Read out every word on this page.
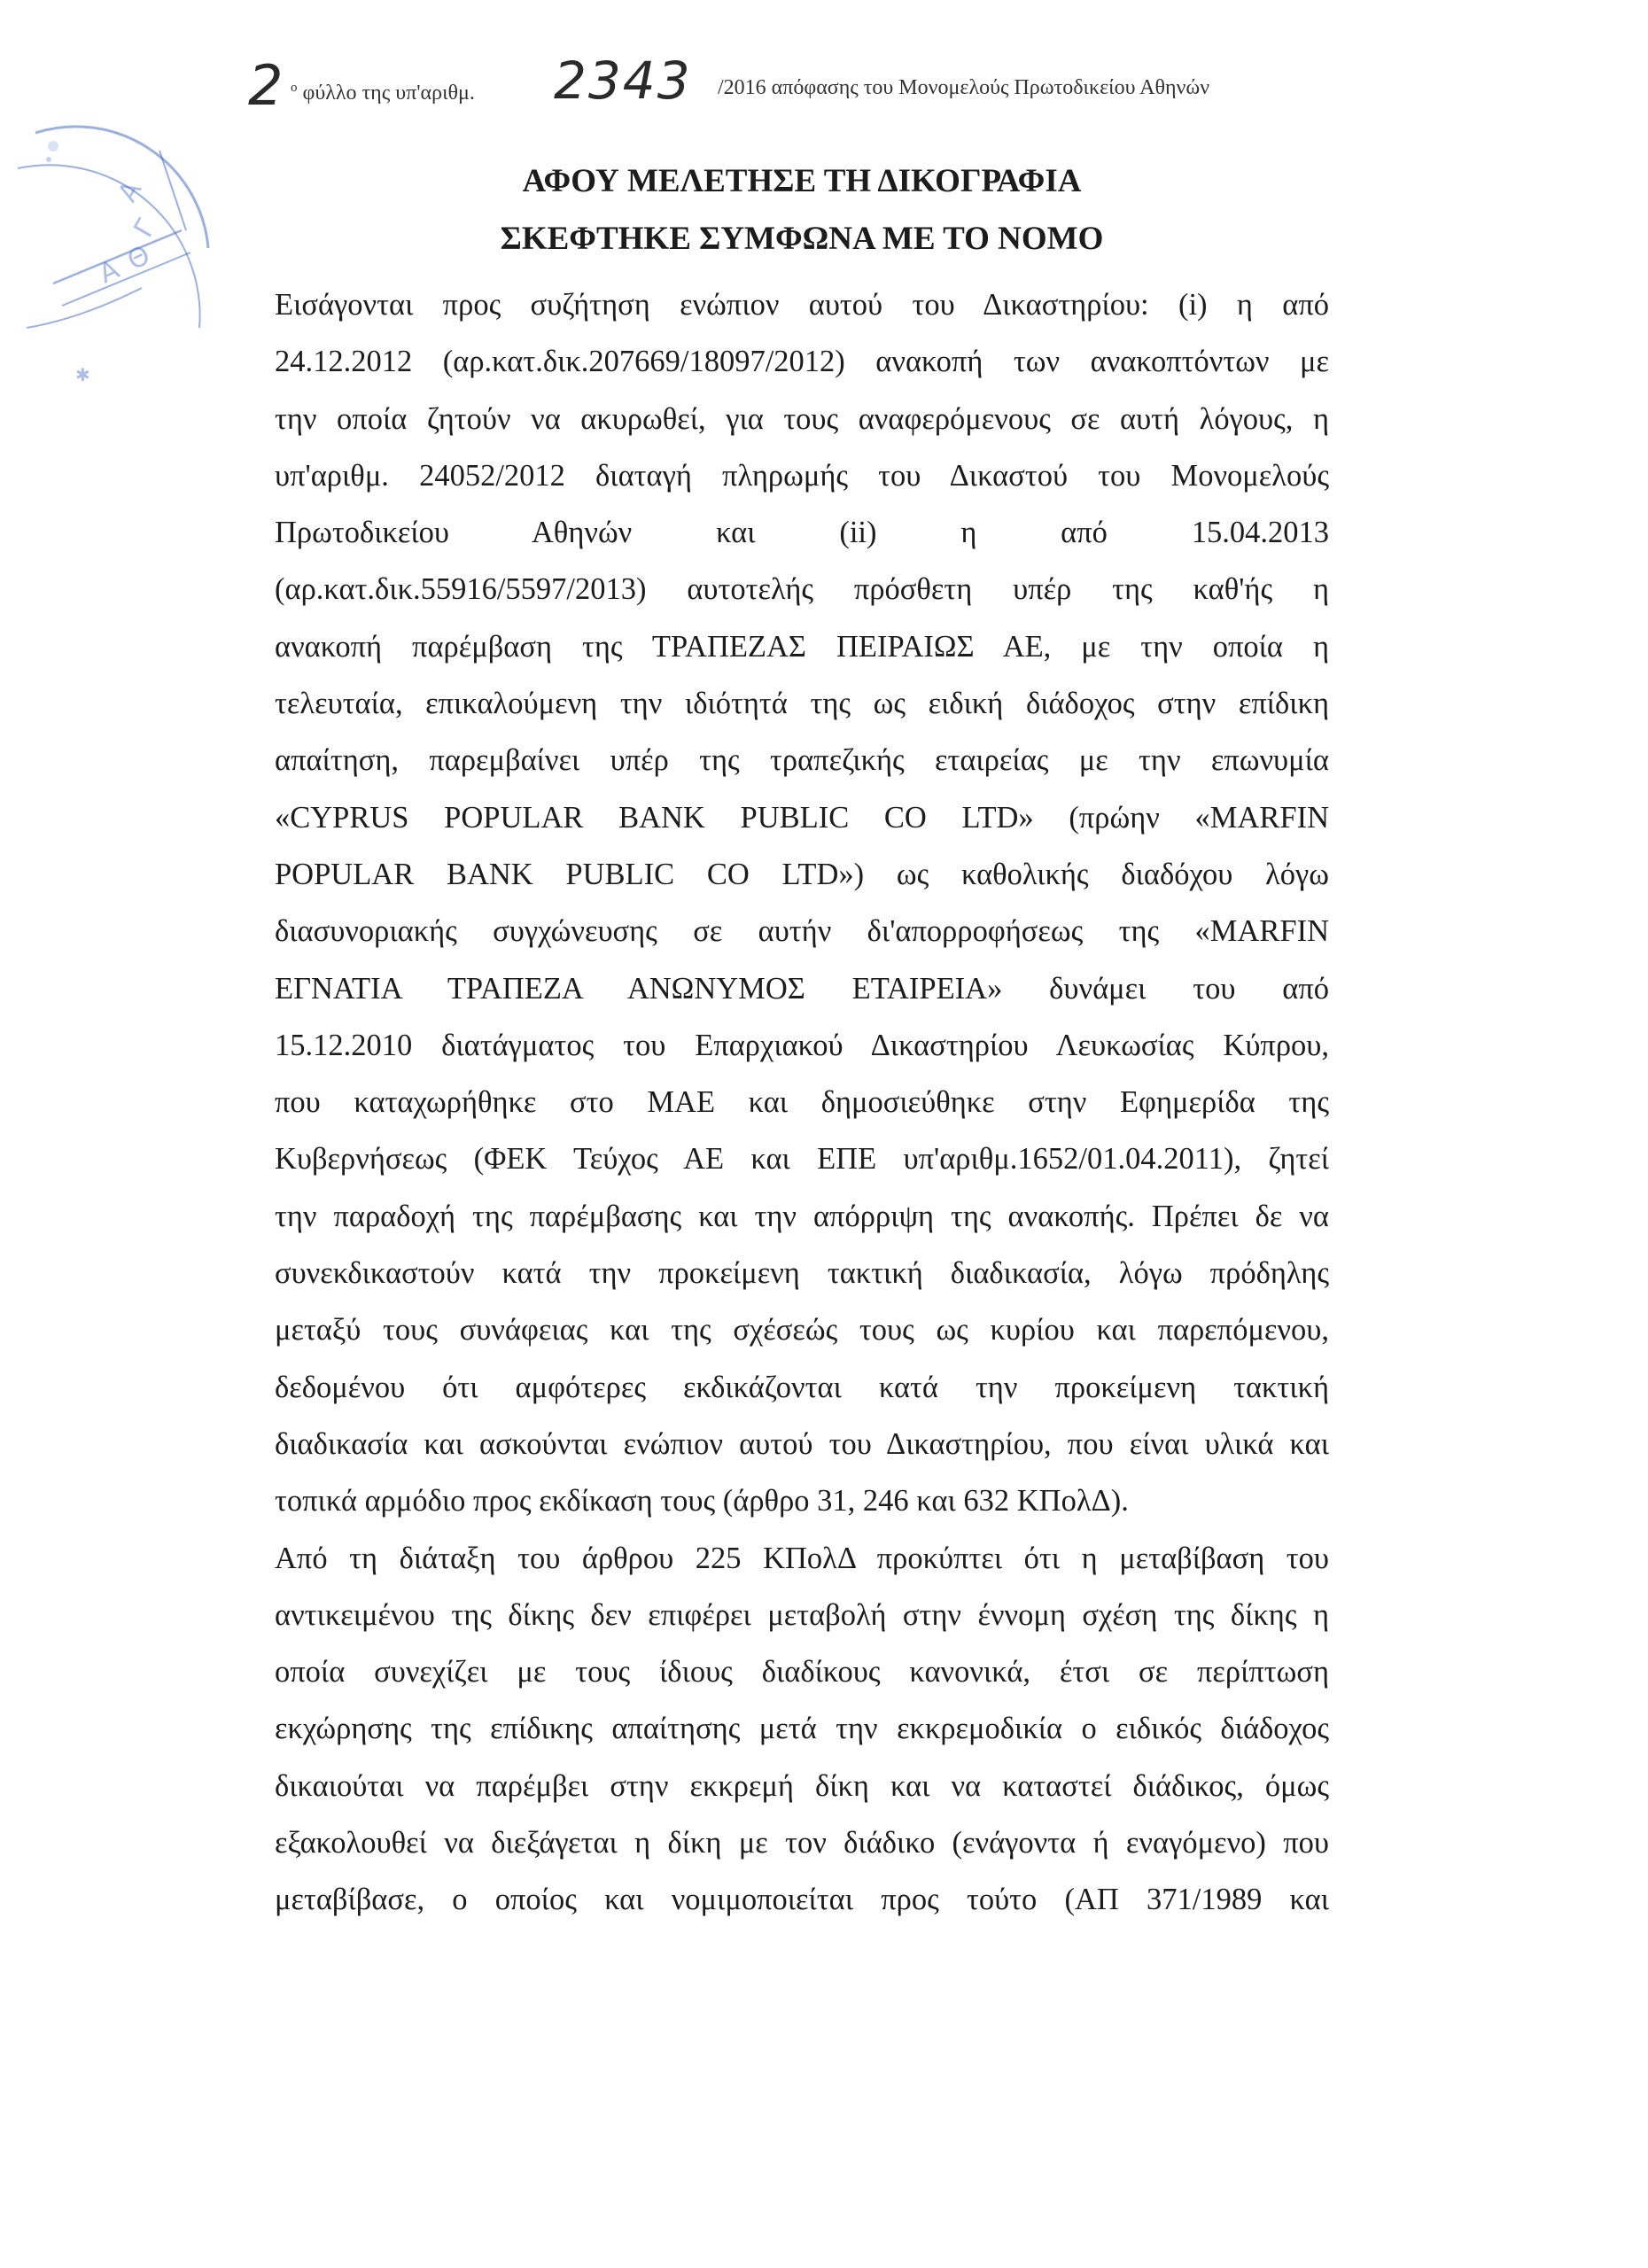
Α
Γ
Α
Θ
✱
2 $^o$ φύλλο της υπ'αριθμ. 2343 /2016 απόφασης του Μονομελούς Πρωτοδικείου Αθηνών
ΑΦΟΥ ΜΕΛΕΤΗΣΕ ΤΗ ΔΙΚΟΓΡΑΦΙΑ
ΣΚΕΦΤΗΚΕ ΣΥΜΦΩΝΑ ΜΕ ΤΟ ΝΟΜΟ
Εισάγονται προς συζήτηση ενώπιον αυτού του Δικαστηρίου: (i) η από
24.12.2012 (αρ.κατ.δικ.207669/18097/2012) ανακοπή των ανακοπτόντων με
την οποία ζητούν να ακυρωθεί, για τους αναφερόμενους σε αυτή λόγους, η
υπ'αριθμ. 24052/2012 διαταγή πληρωμής του Δικαστού του Μονομελούς
Πρωτοδικείου Αθηνών και (ii) η από 15.04.2013
(αρ.κατ.δικ.55916/5597/2013) αυτοτελής πρόσθετη υπέρ της καθ'ής η
ανακοπή παρέμβαση της ΤΡΑΠΕΖΑΣ ΠΕΙΡΑΙΩΣ ΑΕ, με την οποία η
τελευταία, επικαλούμενη την ιδιότητά της ως ειδική διάδοχος στην επίδικη
απαίτηση, παρεμβαίνει υπέρ της τραπεζικής εταιρείας με την επωνυμία
«CYPRUS POPULAR BANK PUBLIC CO LTD» (πρώην «MARFIN
POPULAR BANK PUBLIC CO LTD») ως καθολικής διαδόχου λόγω
διασυνοριακής συγχώνευσης σε αυτήν δι'απορροφήσεως της «MARFIN
ΕΓΝΑΤΙΑ ΤΡΑΠΕΖΑ ΑΝΩΝΥΜΟΣ ΕΤΑΙΡΕΙΑ» δυνάμει του από
15.12.2010 διατάγματος του Επαρχιακού Δικαστηρίου Λευκωσίας Κύπρου,
που καταχωρήθηκε στο ΜΑΕ και δημοσιεύθηκε στην Εφημερίδα της
Κυβερνήσεως (ΦΕΚ Τεύχος ΑΕ και ΕΠΕ υπ'αριθμ.1652/01.04.2011), ζητεί
την παραδοχή της παρέμβασης και την απόρριψη της ανακοπής. Πρέπει δε να
συνεκδικαστούν κατά την προκείμενη τακτική διαδικασία, λόγω πρόδηλης
μεταξύ τους συνάφειας και της σχέσεώς τους ως κυρίου και παρεπόμενου,
δεδομένου ότι αμφότερες εκδικάζονται κατά την προκείμενη τακτική
διαδικασία και ασκούνται ενώπιον αυτού του Δικαστηρίου, που είναι υλικά και
τοπικά αρμόδιο προς εκδίκαση τους (άρθρο 31, 246 και 632 ΚΠολΔ).
Από τη διάταξη του άρθρου 225 ΚΠολΔ προκύπτει ότι η μεταβίβαση του
αντικειμένου της δίκης δεν επιφέρει μεταβολή στην έννομη σχέση της δίκης η
οποία συνεχίζει με τους ίδιους διαδίκους κανονικά, έτσι σε περίπτωση
εκχώρησης της επίδικης απαίτησης μετά την εκκρεμοδικία ο ειδικός διάδοχος
δικαιούται να παρέμβει στην εκκρεμή δίκη και να καταστεί διάδικος, όμως
εξακολουθεί να διεξάγεται η δίκη με τον διάδικο (ενάγοντα ή εναγόμενο) που
μεταβίβασε, ο οποίος και νομιμοποιείται προς τούτο (ΑΠ 371/1989 και
